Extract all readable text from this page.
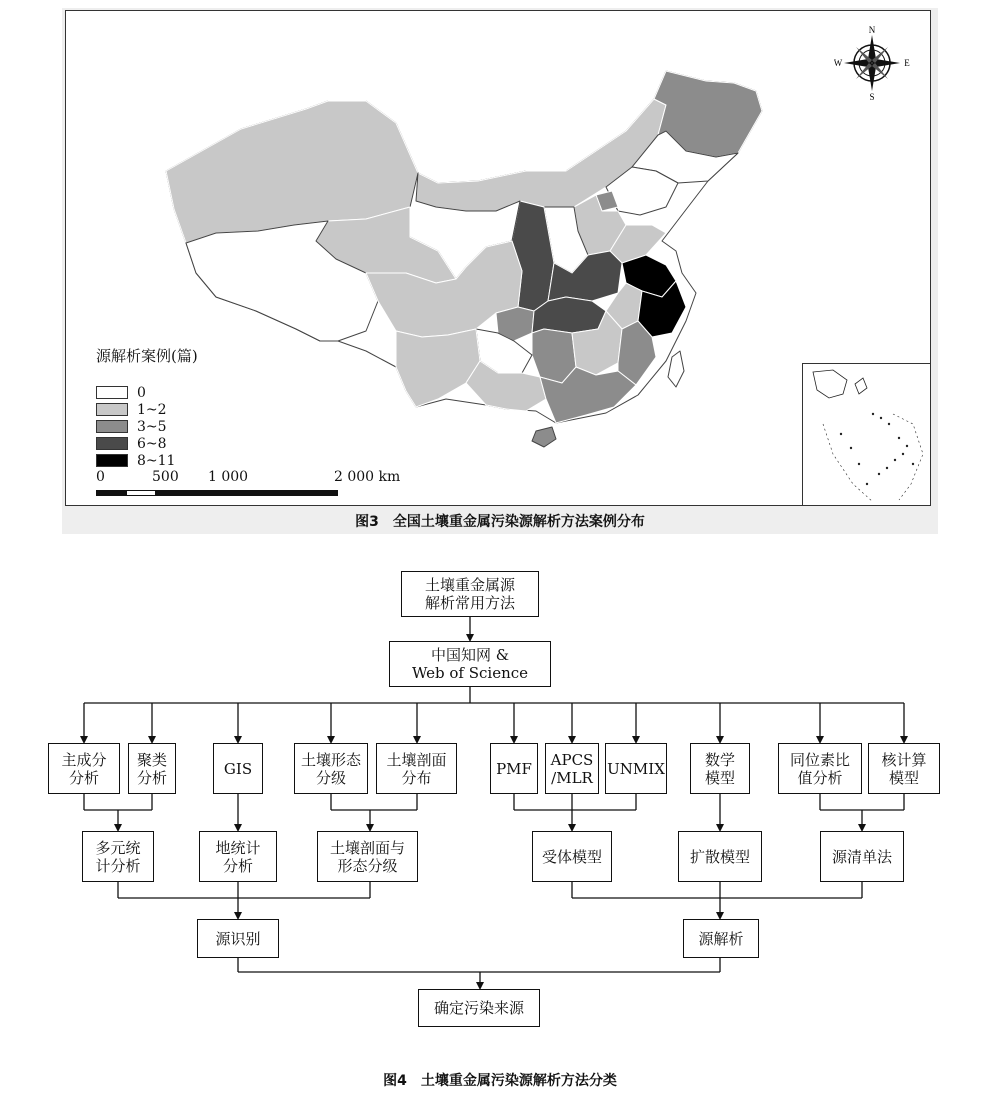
N
S
E
W
源解析案例(篇)
0
1~2
3~5
6~8
8~11
0	500 1 000	2 000 km
图3　全国土壤重金属污染源解析方法案例分布
土壤重金属源
解析常用方法
中国知网 &
Web of Science
主成分
分析
聚类
分析	GIS	土壤形态
分级
土壤剖面
分布	PMF	APCS
/MLR UNMIX	数学
模型
同位素比
值分析
核计算
模型
多元统
计分析
地统计
分析
土壤剖面与
形态分级	受体模型	扩散模型	源清单法
源识别	源解析
确定污染来源
图4　土壤重金属污染源解析方法分类
